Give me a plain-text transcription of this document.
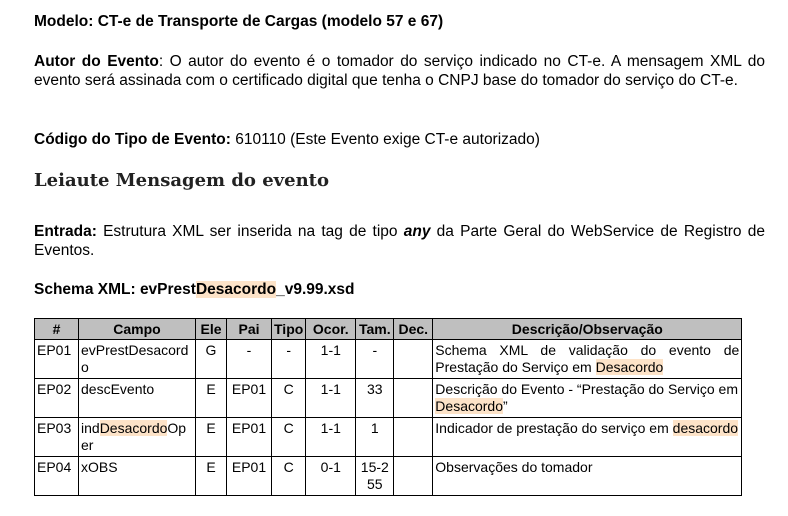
Modelo: CT-e de Transporte de Cargas (modelo 57 e 67)

Autor do Evento: O autor do evento é o tomador do serviço indicado no CT-e. A mensagem XML do evento será assinada com o certificado digital que tenha o CNPJ base do tomador do serviço do CT-e.

Código do Tipo de Evento: 610110 (Este Evento exige CT-e autorizado)

Leiaute Mensagem do evento

Entrada: Estrutura XML ser inserida na tag de tipo any da Parte Geral do WebService de Registro de Eventos.

Schema XML: evPrestDesacordo_v9.99.xsd
#	Campo	Ele	Pai	Tipo	Ocor.	Tam.	Dec.	Descrição/Observação
EP01	evPrestDesacordo	G	-	-	1-1	-		Schema XML de validação do evento de Prestação do Serviço em Desacordo
EP02	descEvento	E	EP01	C	1-1	33		Descrição do Evento - “Prestação do Serviço em Desacordo”
EP03	indDesacordoOper	E	EP01	C	1-1	1		Indicador de prestação do serviço em desacordo
EP04	xOBS	E	EP01	C	0-1	15-255		Observações do tomador
